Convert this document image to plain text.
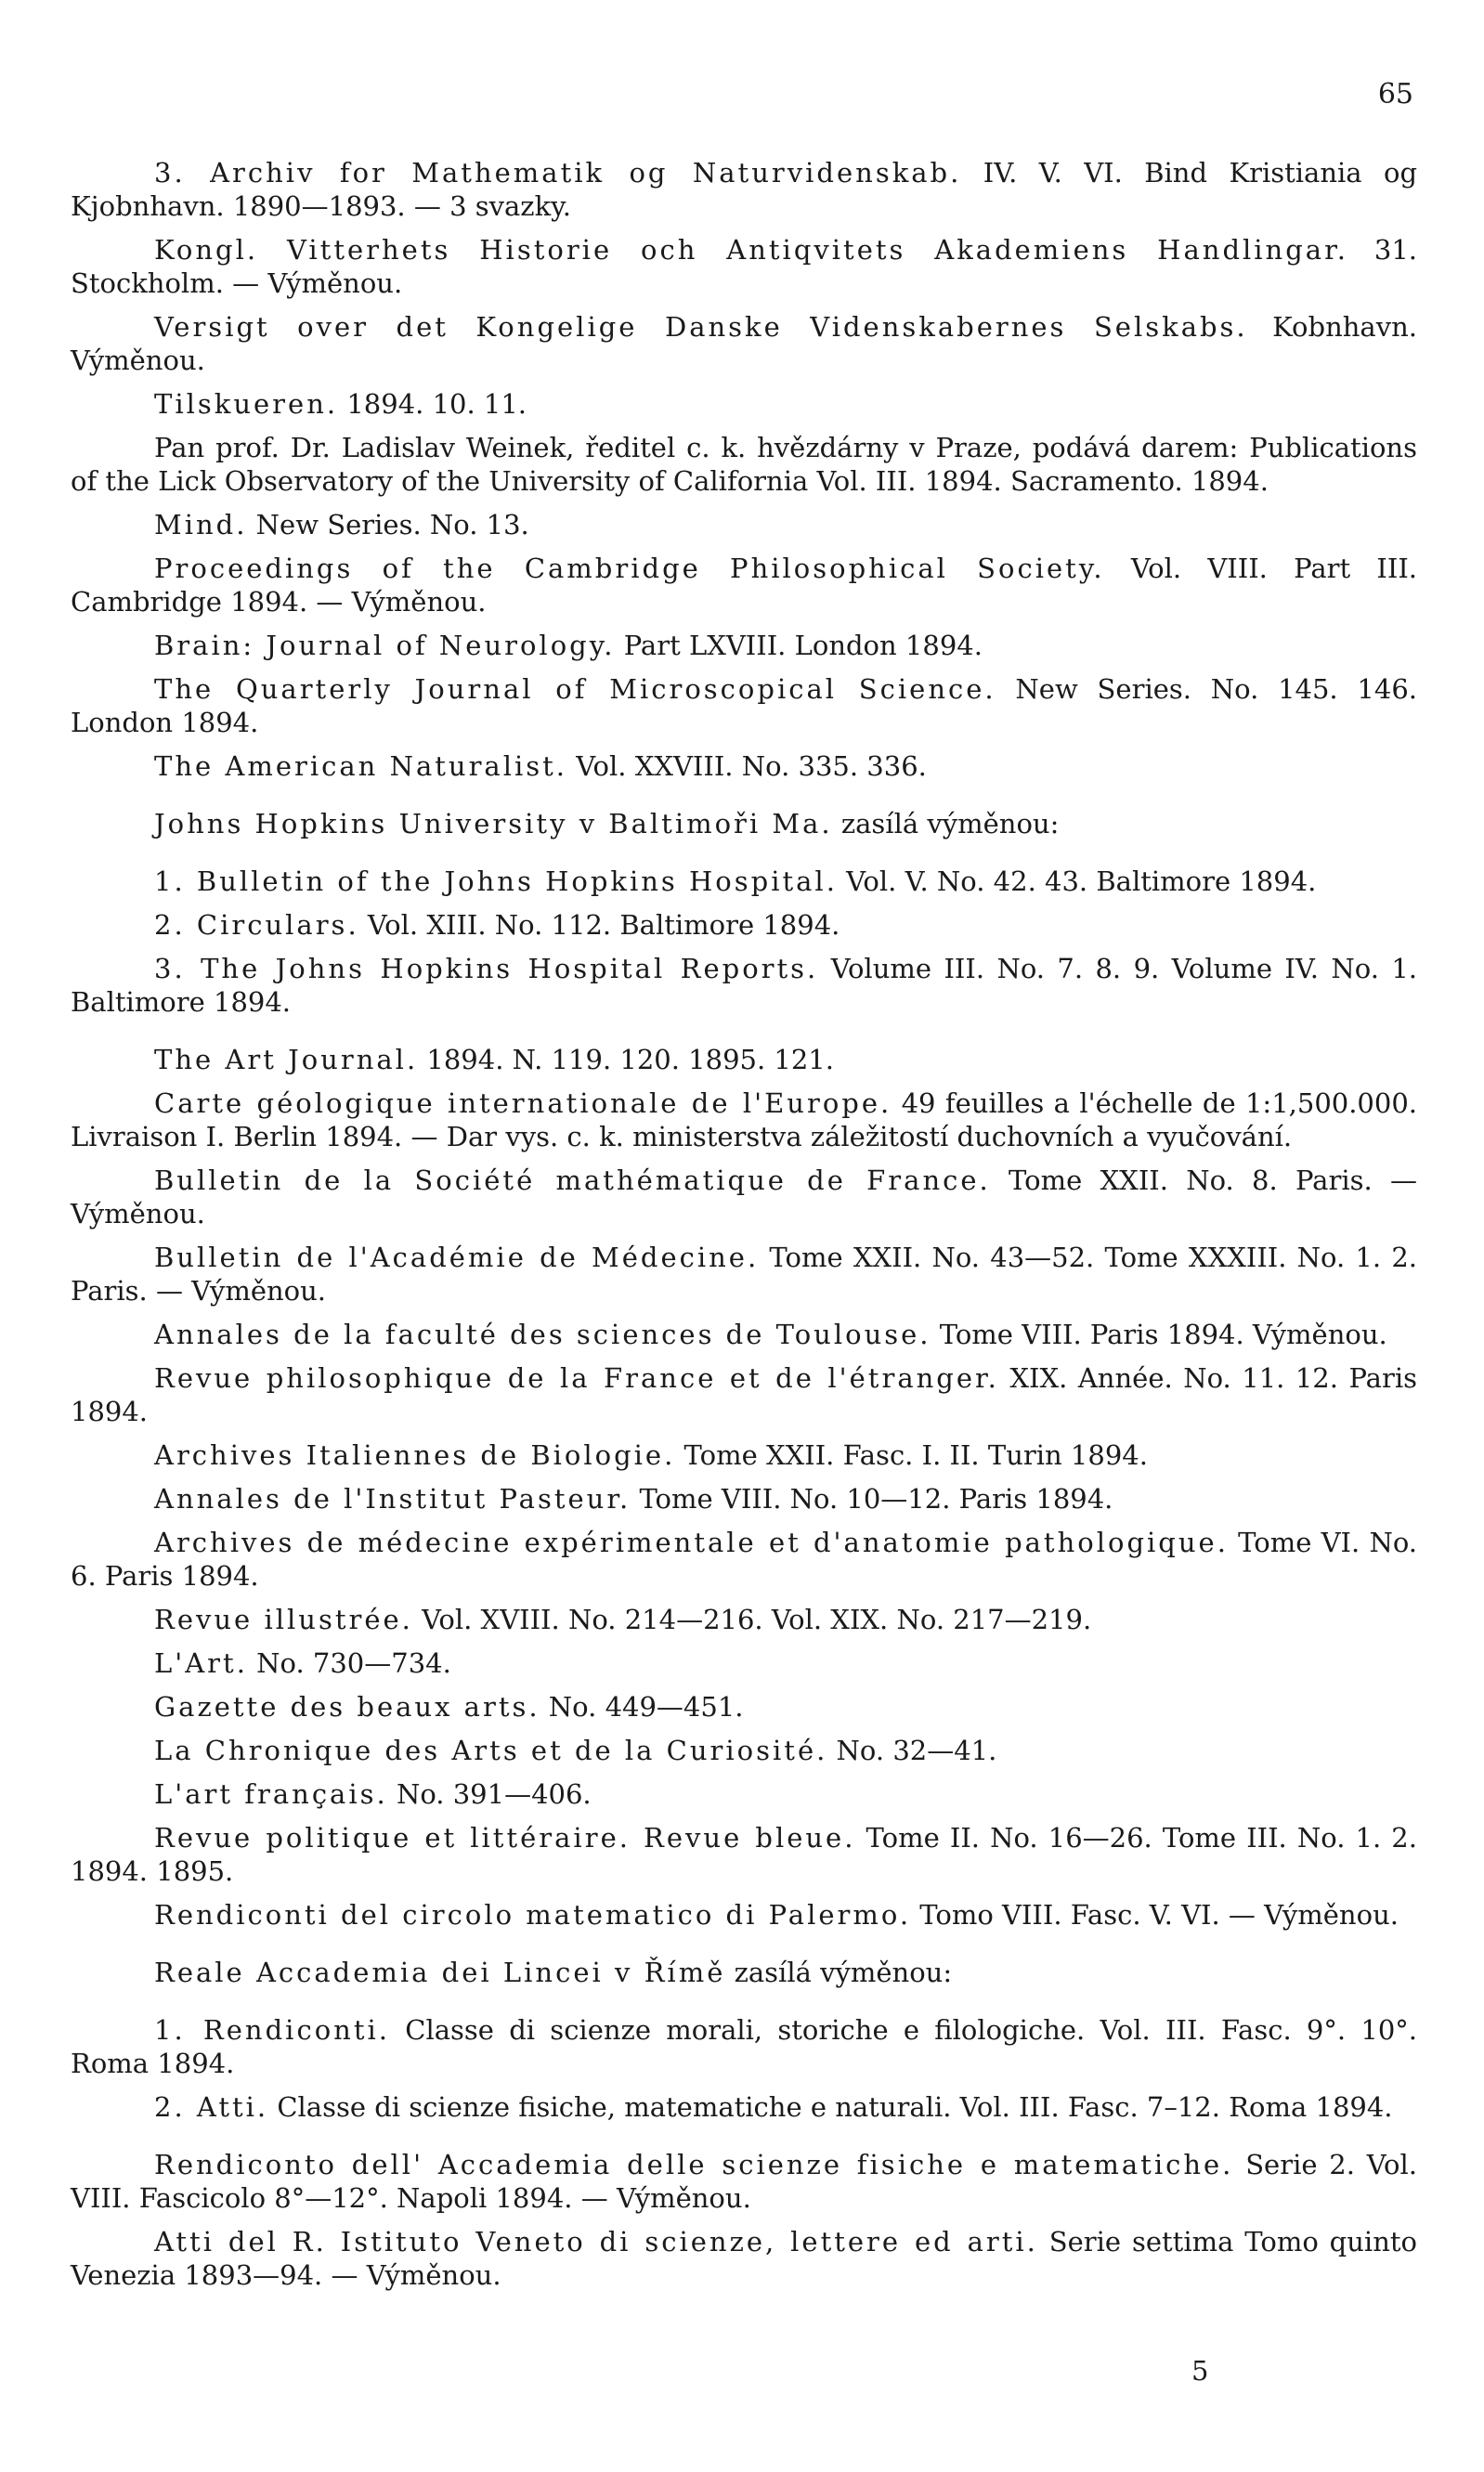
65

3. Archiv for Mathematik og Naturvidenskab. IV. V. VI. Bind Kristiania og Kjobnhavn. 1890—1893. — 3 svazky.

Kongl. Vitterhets Historie och Antiqvitets Akademiens Handlingar. 31. Stockholm. — Výměnou.

Versigt over det Kongelige Danske Videnskabernes Selskabs. Kobnhavn. Výměnou.

Tilskueren. 1894. 10. 11.

Pan prof. Dr. Ladislav Weinek, ředitel c. k. hvězdárny v Praze, podává darem: Publications of the Lick Observatory of the University of California Vol. III. 1894. Sacramento. 1894.

Mind. New Series. No. 13.

Proceedings of the Cambridge Philosophical Society. Vol. VIII. Part III. Cambridge 1894. — Výměnou.

Brain: Journal of Neurology. Part LXVIII. London 1894.

The Quarterly Journal of Microscopical Science. New Series. No. 145. 146. London 1894.

The American Naturalist. Vol. XXVIII. No. 335. 336.

Johns Hopkins University v Baltimoři Ma. zasílá výměnou:

1. Bulletin of the Johns Hopkins Hospital. Vol. V. No. 42. 43. Baltimore 1894.

2. Circulars. Vol. XIII. No. 112. Baltimore 1894.

3. The Johns Hopkins Hospital Reports. Volume III. No. 7. 8. 9. Volume IV. No. 1. Baltimore 1894.

The Art Journal. 1894. N. 119. 120. 1895. 121.

Carte géologique internationale de l'Europe. 49 feuilles a l'échelle de 1:1,500.000. Livraison I. Berlin 1894. — Dar vys. c. k. ministerstva záležitostí duchovních a vyučování.

Bulletin de la Société mathématique de France. Tome XXII. No. 8. Paris. — Výměnou.

Bulletin de l'Académie de Médecine. Tome XXII. No. 43—52. Tome XXXIII. No. 1. 2. Paris. — Výměnou.

Annales de la faculté des sciences de Toulouse. Tome VIII. Paris 1894. Výměnou.

Revue philosophique de la France et de l'étranger. XIX. Année. No. 11. 12. Paris 1894.

Archives Italiennes de Biologie. Tome XXII. Fasc. I. II. Turin 1894.

Annales de l'Institut Pasteur. Tome VIII. No. 10—12. Paris 1894.

Archives de médecine expérimentale et d'anatomie pathologique. Tome VI. No. 6. Paris 1894.

Revue illustrée. Vol. XVIII. No. 214—216. Vol. XIX. No. 217—219.

L'Art. No. 730—734.

Gazette des beaux arts. No. 449—451.

La Chronique des Arts et de la Curiosité. No. 32—41.

L'art français. No. 391—406.

Revue politique et littéraire. Revue bleue. Tome II. No. 16—26. Tome III. No. 1. 2. 1894. 1895.

Rendiconti del circolo matematico di Palermo. Tomo VIII. Fasc. V. VI. — Výměnou.

Reale Accademia dei Lincei v Římě zasílá výměnou:

1. Rendiconti. Classe di scienze morali, storiche e filologiche. Vol. III. Fasc. 9°. 10°. Roma 1894.

2. Atti. Classe di scienze fisiche, matematiche e naturali. Vol. III. Fasc. 7–12. Roma 1894.

Rendiconto dell' Accademia delle scienze fisiche e matematiche. Serie 2. Vol. VIII. Fascicolo 8°—12°. Napoli 1894. — Výměnou.

Atti del R. Istituto Veneto di scienze, lettere ed arti. Serie settima Tomo quinto Venezia 1893—94. — Výměnou.

5
